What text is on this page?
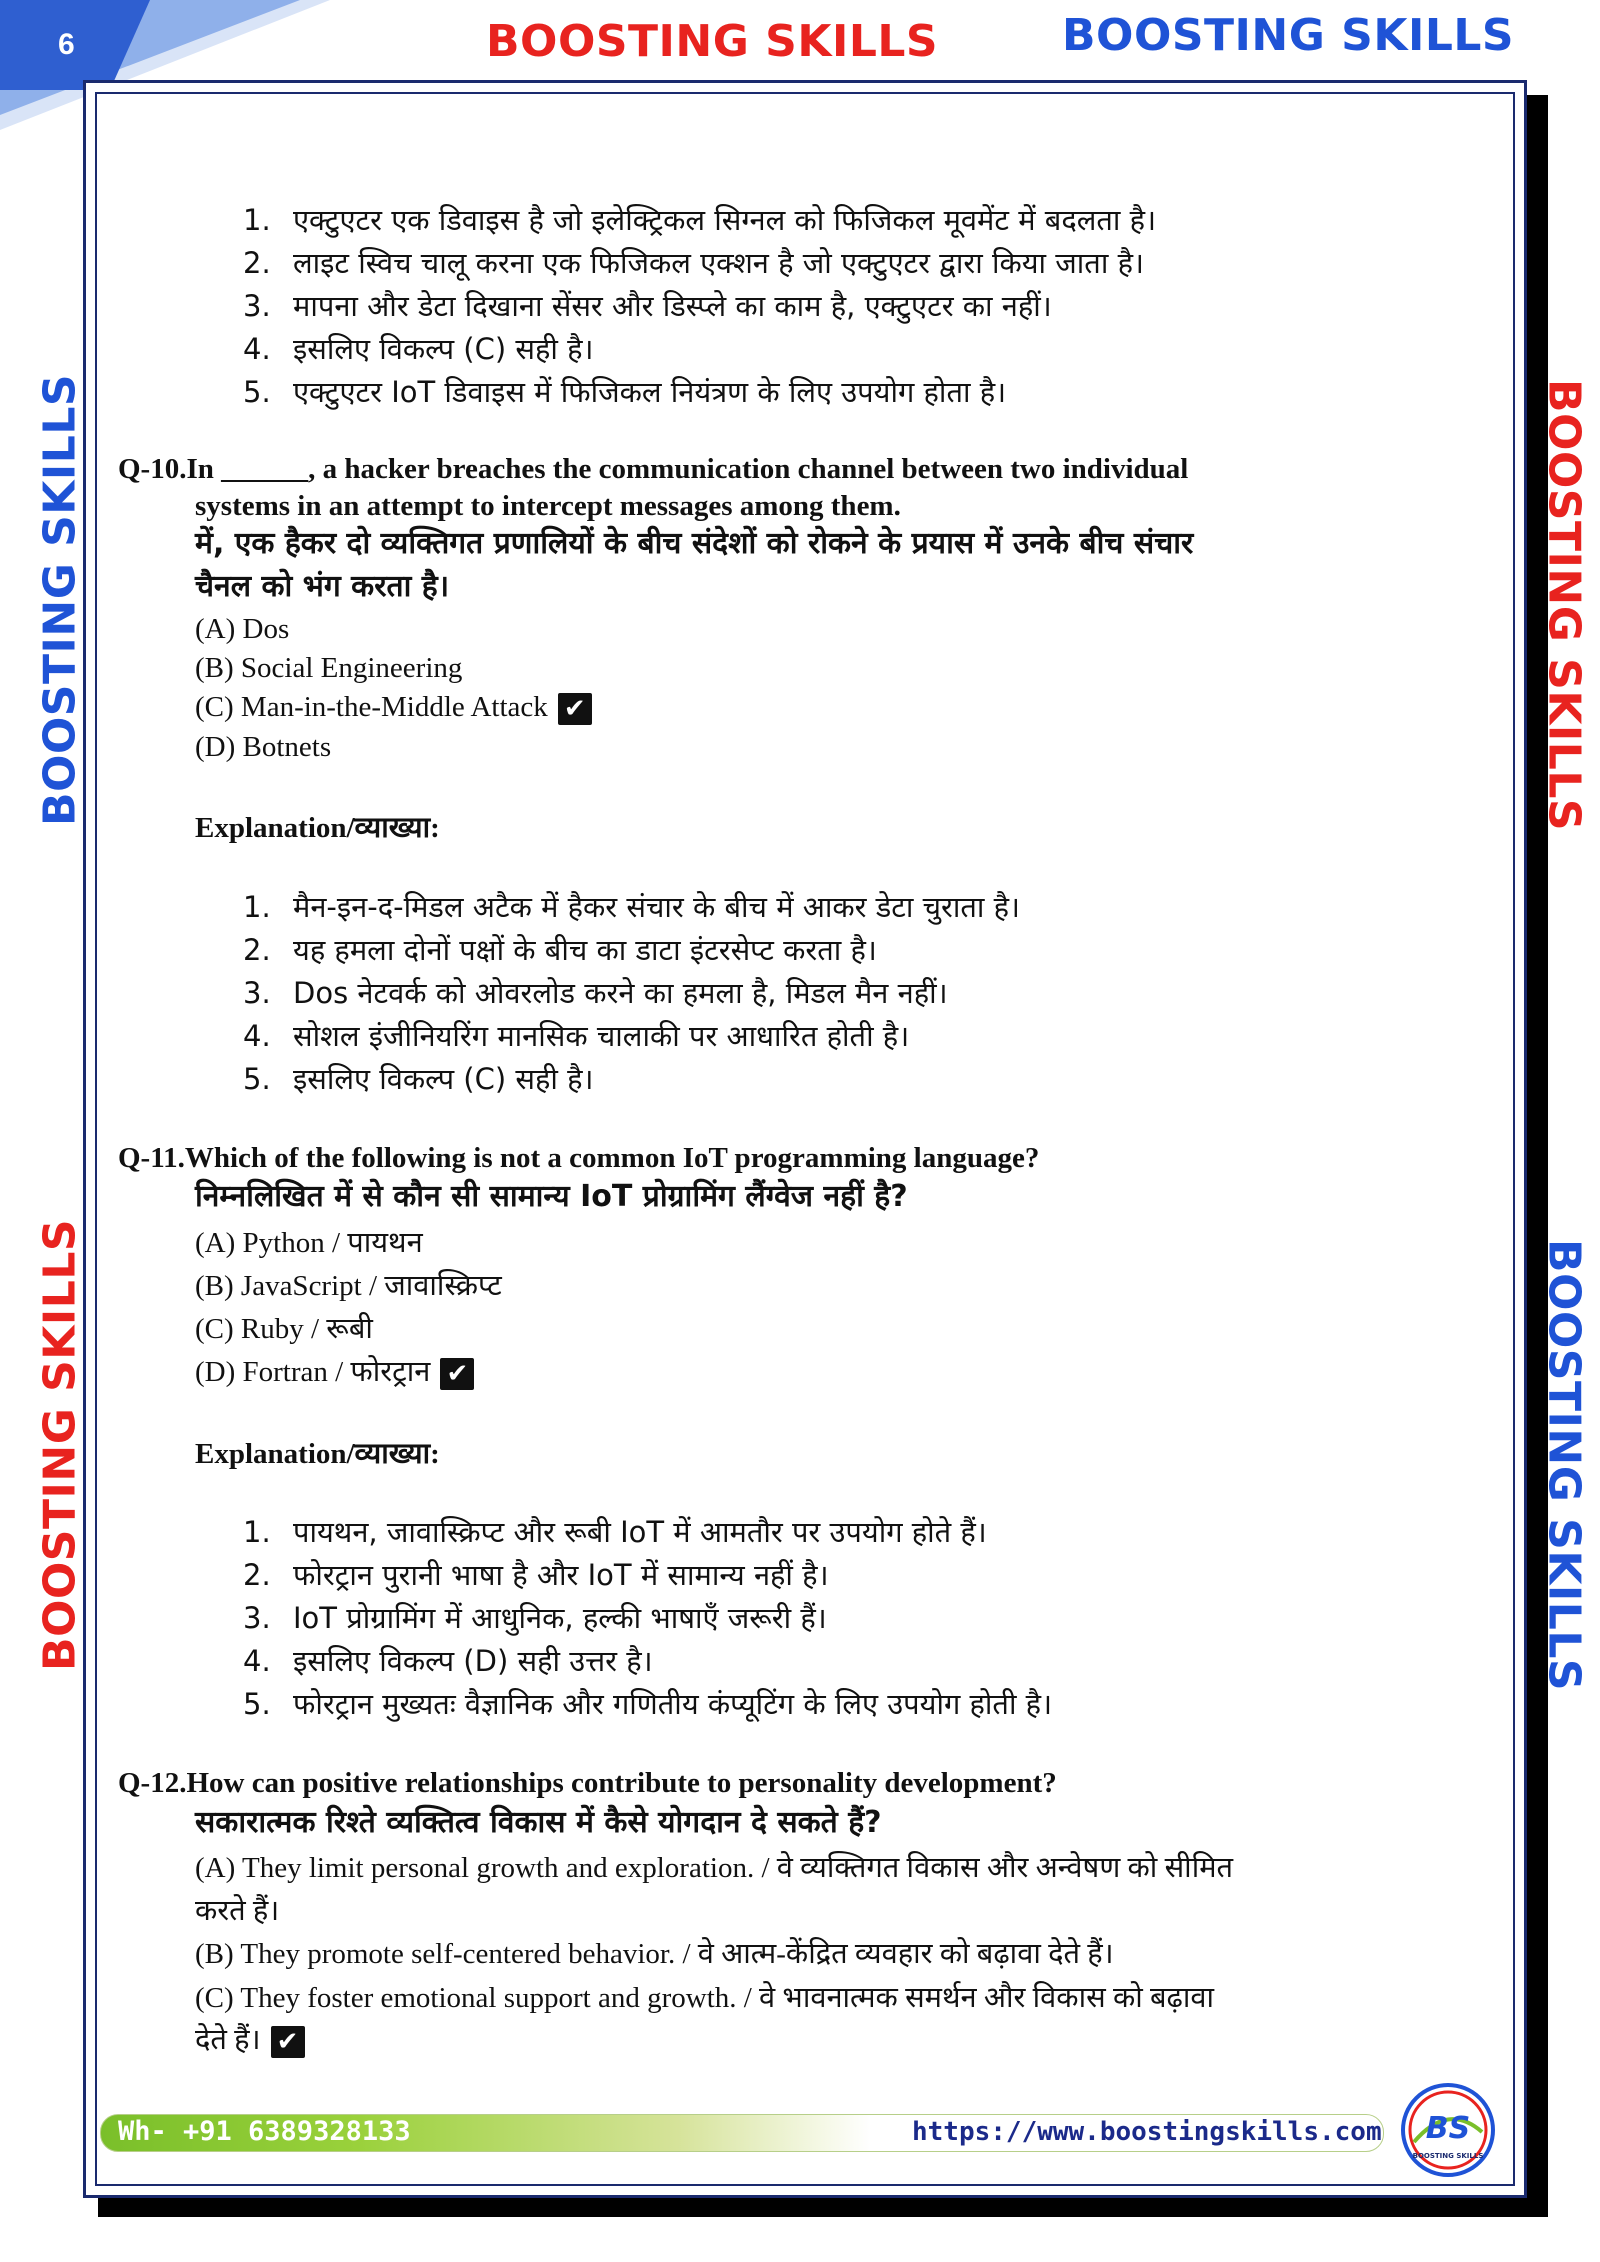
6	BOOSTING SKILLS	BOOSTING SKILLS
BOOSTING SKILLS
BOOSTING SKILLS
BOOSTING SKILLS
BOOSTING SKILLS
1. एक्टुएटर एक डिवाइस है जो इलेक्ट्रिकल सिग्नल को फिजिकल मूवमेंट में बदलता है।
2. लाइट स्विच चालू करना एक फिजिकल एक्शन है जो एक्टुएटर द्वारा किया जाता है।
3. मापना और डेटा दिखाना सेंसर और डिस्प्ले का काम है, एक्टुएटर का नहीं।
4. इसलिए विकल्प (C) सही है।
5. एक्टुएटर IoT डिवाइस में फिजिकल नियंत्रण के लिए उपयोग होता है।
Q-10.In ______, a hacker breaches the communication channel between two individual
systems in an attempt to intercept messages among them.
में, एक हैकर दो व्यक्तिगत प्रणालियों के बीच संदेशों को रोकने के प्रयास में उनके बीच संचार
चैनल को भंग करता है।
(A) Dos
(B) Social Engineering
(C) Man-in-the-Middle Attack ✔
(D) Botnets
Explanation/व्याख्या:
1. मैन-इन-द-मिडल अटैक में हैकर संचार के बीच में आकर डेटा चुराता है।
2. यह हमला दोनों पक्षों के बीच का डाटा इंटरसेप्ट करता है।
3. Dos नेटवर्क को ओवरलोड करने का हमला है, मिडल मैन नहीं।
4. सोशल इंजीनियरिंग मानसिक चालाकी पर आधारित होती है।
5. इसलिए विकल्प (C) सही है।
Q-11.Which of the following is not a common IoT programming language?
निम्नलिखित में से कौन सी सामान्य IoT प्रोग्रामिंग लैंग्वेज नहीं है?
(A) Python / पायथन
(B) JavaScript / जावास्क्रिप्ट
(C) Ruby / रूबी
(D) Fortran / फोरट्रान ✔
Explanation/व्याख्या:
1. पायथन, जावास्क्रिप्ट और रूबी IoT में आमतौर पर उपयोग होते हैं।
2. फोरट्रान पुरानी भाषा है और IoT में सामान्य नहीं है।
3. IoT प्रोग्रामिंग में आधुनिक, हल्की भाषाएँ जरूरी हैं।
4. इसलिए विकल्प (D) सही उत्तर है।
5. फोरट्रान मुख्यतः वैज्ञानिक और गणितीय कंप्यूटिंग के लिए उपयोग होती है।
Q-12.How can positive relationships contribute to personality development?
सकारात्मक रिश्ते व्यक्तित्व विकास में कैसे योगदान दे सकते हैं?
(A) They limit personal growth and exploration. / वे व्यक्तिगत विकास और अन्वेषण को सीमित
करते हैं।
(B) They promote self-centered behavior. / वे आत्म-केंद्रित व्यवहार को बढ़ावा देते हैं।
(C) They foster emotional support and growth. / वे भावनात्मक समर्थन और विकास को बढ़ावा
देते हैं। ✔
Wh- +91 6389328133	https://www.boostingskills.com BS
BOOSTING SKILLS
